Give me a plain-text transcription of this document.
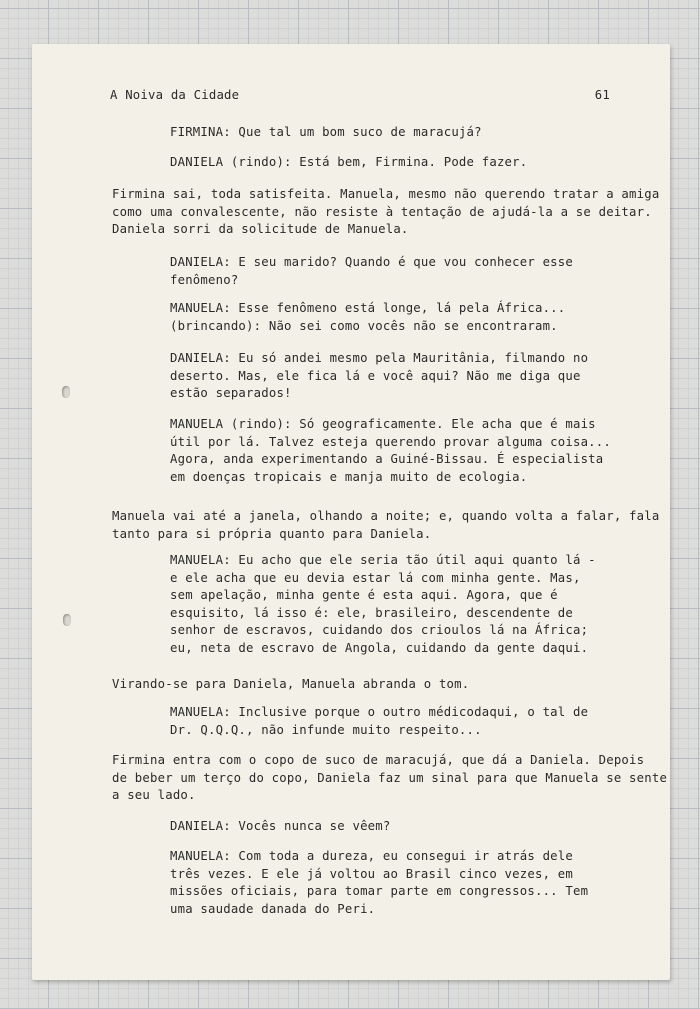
A Noiva da Cidade	61
FIRMINA: Que tal um bom suco de maracujá?
DANIELA (rindo): Está bem, Firmina. Pode fazer.
Firmina sai, toda satisfeita. Manuela, mesmo não querendo tratar a amiga
como uma convalescente, não resiste à tentação de ajudá-la a se deitar.
Daniela sorri da solicitude de Manuela.
DANIELA: E seu marido? Quando é que vou conhecer esse
fenômeno?
MANUELA: Esse fenômeno está longe, lá pela África...
(brincando): Não sei como vocês não se encontraram.
DANIELA: Eu só andei mesmo pela Mauritânia, filmando no
deserto. Mas, ele fica lá e você aqui? Não me diga que
estão separados!
MANUELA (rindo): Só geograficamente. Ele acha que é mais
útil por lá. Talvez esteja querendo provar alguma coisa...
Agora, anda experimentando a Guiné-Bissau. É especialista
em doenças tropicais e manja muito de ecologia.
Manuela vai até a janela, olhando a noite; e, quando volta a falar, fala
tanto para si própria quanto para Daniela.
MANUELA: Eu acho que ele seria tão útil aqui quanto lá -
e ele acha que eu devia estar lá com minha gente. Mas,
sem apelação, minha gente é esta aqui. Agora, que é
esquisito, lá isso é: ele, brasileiro, descendente de
senhor de escravos, cuidando dos crioulos lá na África;
eu, neta de escravo de Angola, cuidando da gente daqui.
Virando-se para Daniela, Manuela abranda o tom.
MANUELA: Inclusive porque o outro médicodaqui, o tal de
Dr. Q.Q.Q., não infunde muito respeito...
Firmina entra com o copo de suco de maracujá, que dá a Daniela. Depois
de beber um terço do copo, Daniela faz um sinal para que Manuela se sente
a seu lado.
DANIELA: Vocês nunca se vêem?
MANUELA: Com toda a dureza, eu consegui ir atrás dele
três vezes. E ele já voltou ao Brasil cinco vezes, em
missões oficiais, para tomar parte em congressos... Tem
uma saudade danada do Peri.
